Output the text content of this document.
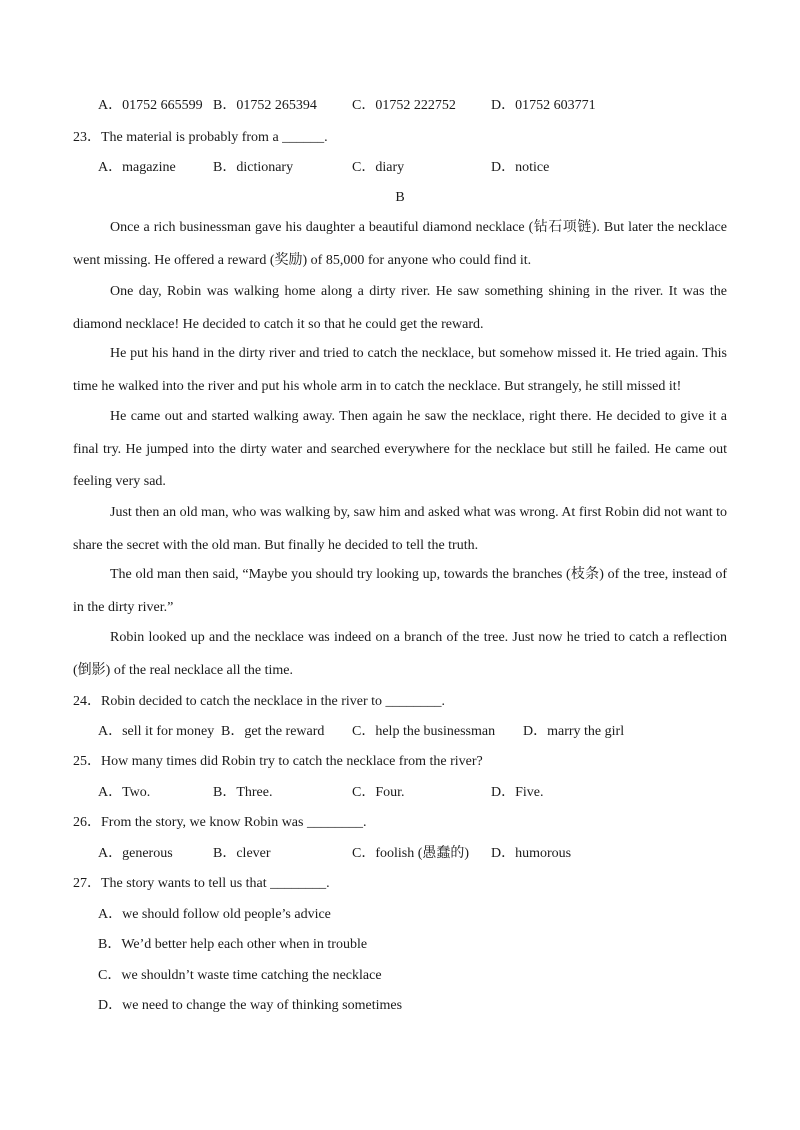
A．01752 665599 B．01752 265394	C．01752 222752	D．01752 603771
23．The material is probably from a ______.
A．magazine	B．dictionary	C．diary	D．notice
B
Once a rich businessman gave his daughter a beautiful diamond necklace (钻石项链). But later the necklace went missing. He offered a reward (奖励) of 85,000 for anyone who could find it.
One day, Robin was walking home along a dirty river. He saw something shining in the river. It was the diamond necklace! He decided to catch it so that he could get the reward.
He put his hand in the dirty river and tried to catch the necklace, but somehow missed it. He tried again. This time he walked into the river and put his whole arm in to catch the necklace. But strangely, he still missed it!
He came out and started walking away. Then again he saw the necklace, right there. He decided to give it a final try. He jumped into the dirty water and searched everywhere for the necklace but still he failed. He came out feeling very sad.
Just then an old man, who was walking by, saw him and asked what was wrong. At first Robin did not want to share the secret with the old man. But finally he decided to tell the truth.
The old man then said, “Maybe you should try looking up, towards the branches (枝条) of the tree, instead of in the dirty river.”
Robin looked up and the necklace was indeed on a branch of the tree. Just now he tried to catch a reflection (倒影) of the real necklace all the time.
24．Robin decided to catch the necklace in the river to ________.
A．sell it for money B．get the reward C．help the businessman D．marry the girl
25．How many times did Robin try to catch the necklace from the river?
A．Two.	B．Three.	C．Four.	D．Five.
26．From the story, we know Robin was ________.
A．generous	B．clever	C．foolish (愚蠢的) D．humorous
27．The story wants to tell us that ________.
A．we should follow old people’s advice
B．We’d better help each other when in trouble
C．we shouldn’t waste time catching the necklace
D．we need to change the way of thinking sometimes
